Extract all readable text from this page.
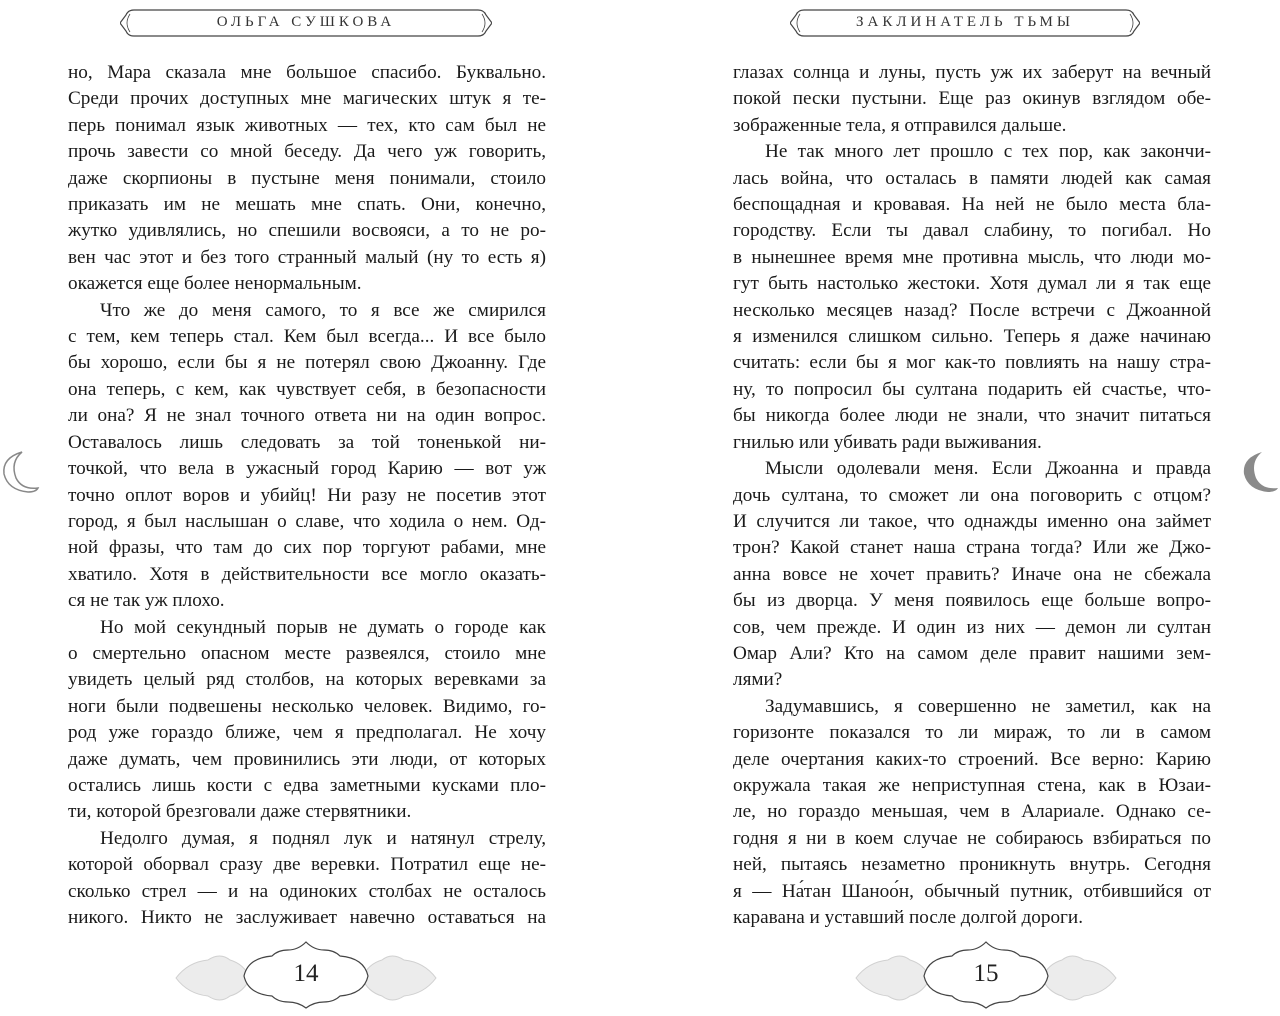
ОЛЬГА СУШКОВА
но, Мара сказала мне большое спасибо. Буквально.
Среди прочих доступных мне магических штук я те-
перь понимал язык животных — тех, кто сам был не
прочь завести со мной беседу. Да чего уж говорить,
даже скорпионы в пустыне меня понимали, стоило
приказать им не мешать мне спать. Они, конечно,
жутко удивлялись, но спешили восвояси, а то не ро-
вен час этот и без того странный малый (ну то есть я)
окажется еще более ненормальным.
Что же до меня самого, то я все же смирился
с тем, кем теперь стал. Кем был всегда... И все было
бы хорошо, если бы я не потерял свою Джоанну. Где
она теперь, с кем, как чувствует себя, в безопасности
ли она? Я не знал точного ответа ни на один вопрос.
Оставалось лишь следовать за той тоненькой ни-
точкой, что вела в ужасный город Карию — вот уж
точно оплот воров и убийц! Ни разу не посетив этот
город, я был наслышан о славе, что ходила о нем. Од-
ной фразы, что там до сих пор торгуют рабами, мне
хватило. Хотя в действительности все могло оказать-
ся не так уж плохо.
Но мой секундный порыв не думать о городе как
о смертельно опасном месте развеялся, стоило мне
увидеть целый ряд столбов, на которых веревками за
ноги были подвешены несколько человек. Видимо, го-
род уже гораздо ближе, чем я предполагал. Не хочу
даже думать, чем провинились эти люди, от которых
остались лишь кости с едва заметными кусками пло-
ти, которой брезговали даже стервятники.
Недолго думая, я поднял лук и натянул стрелу,
которой оборвал сразу две веревки. Потратил еще не-
сколько стрел — и на одиноких столбах не осталось
никого. Никто не заслуживает навечно оставаться на
14
ЗАКЛИНАТЕЛЬ ТЬМЫ
глазах солнца и луны, пусть уж их заберут на вечный
покой пески пустыни. Еще раз окинув взглядом обе-
зображенные тела, я отправился дальше.
Не так много лет прошло с тех пор, как закончи-
лась война, что осталась в памяти людей как самая
беспощадная и кровавая. На ней не было места бла-
городству. Если ты давал слабину, то погибал. Но
в нынешнее время мне противна мысль, что люди мо-
гут быть настолько жестоки. Хотя думал ли я так еще
несколько месяцев назад? После встречи с Джоанной
я изменился слишком сильно. Теперь я даже начинаю
считать: если бы я мог как-то повлиять на нашу стра-
ну, то попросил бы султана подарить ей счастье, что-
бы никогда более люди не знали, что значит питаться
гнилью или убивать ради выживания.
Мысли одолевали меня. Если Джоанна и правда
дочь султана, то сможет ли она поговорить с отцом?
И случится ли такое, что однажды именно она займет
трон? Какой станет наша страна тогда? Или же Джо-
анна вовсе не хочет править? Иначе она не сбежала
бы из дворца. У меня появилось еще больше вопро-
сов, чем прежде. И один из них — демон ли султан
Омар Али? Кто на самом деле правит нашими зем-
лями?
Задумавшись, я совершенно не заметил, как на
горизонте показался то ли мираж, то ли в самом
деле очертания каких-то строений. Все верно: Карию
окружала такая же неприступная стена, как в Юзаи-
ле, но гораздо меньшая, чем в Алариале. Однако се-
годня я ни в коем случае не собираюсь взбираться по
ней, пытаясь незаметно проникнуть внутрь. Сегодня
я — На́тан Шаноо́н, обычный путник, отбившийся от
каравана и уставший после долгой дороги.
15
